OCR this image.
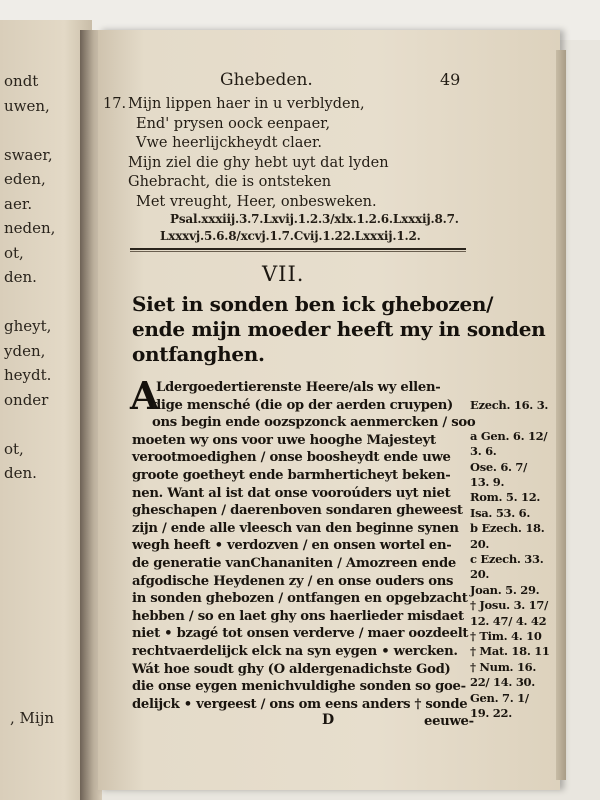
ondt
uwen,
swaer,
eden,
aer.
neden,
ot,
den.
gheyt,
yden,
heydt.
onder
ot,
den.
, Mijn
Ghebeden.	49
17. Mijn lippen haer in u verblyden,
End' prysen oock eenpaer,
Vwe heerlijckheydt claer.
Mijn ziel die ghy hebt uyt dat lyden
Ghebracht, die is ontsteken
Met vreught, Heer, onbesweken.
Psal.xxxiij.3.7.Lxvij.1.2.3/xlx.1.2.6.Lxxxij.8.7.
Lxxxvj.5.6.8/xcvj.1.7.Cvij.1.22.Lxxxij.1.2.
VII.
Siet in sonden ben ick ghebozen/
ende mijn moeder heeft my in sonden
ontfanghen.
A
Ldergoedertierenste Heere/als wy ellen-
dige mensché (die op der aerden cruypen)
ons begin ende oozspzonck aenmercken / soo
moeten wy ons voor uwe hooghe Majesteyt
verootmoedighen / onse boosheydt ende uwe
groote goetheyt ende barmherticheyt beken-
nen. Want al ist dat onse vooroúders uyt niet
gheschapen / daerenboven sondaren gheweest
zijn / ende alle vleesch van den beginne synen
wegh heeft • verdozven / en onsen wortel en-
de generatie vanChananiten / Amozreen ende
afgodische Heydenen zy / en onse ouders ons
in sonden ghebozen / ontfangen en opgebzacht
hebben / so en laet ghy ons haerlieder misdaet
niet • bzagé tot onsen verderve / maer oozdeelt
rechtvaerdelijck elck na syn eygen • wercken.
Wát hoe soudt ghy (O aldergenadichste God)
die onse eygen menichvuldighe sonden so goe-
delijck • vergeest / ons om eens anders † sonde
eeuwe-
Ezech. 16. 3.
a Gen. 6. 12/
3. 6.
Ose. 6. 7/
13. 9.
Rom. 5. 12.
Isa. 53. 6.
b Ezech. 18.
20.
c Ezech. 33.
20.
Joan. 5. 29.
† Josu. 3. 17/
12. 47/ 4. 42
† Tim. 4. 10
† Mat. 18. 11
† Num. 16.
22/ 14. 30.
Gen. 7. 1/
19. 22.
D
